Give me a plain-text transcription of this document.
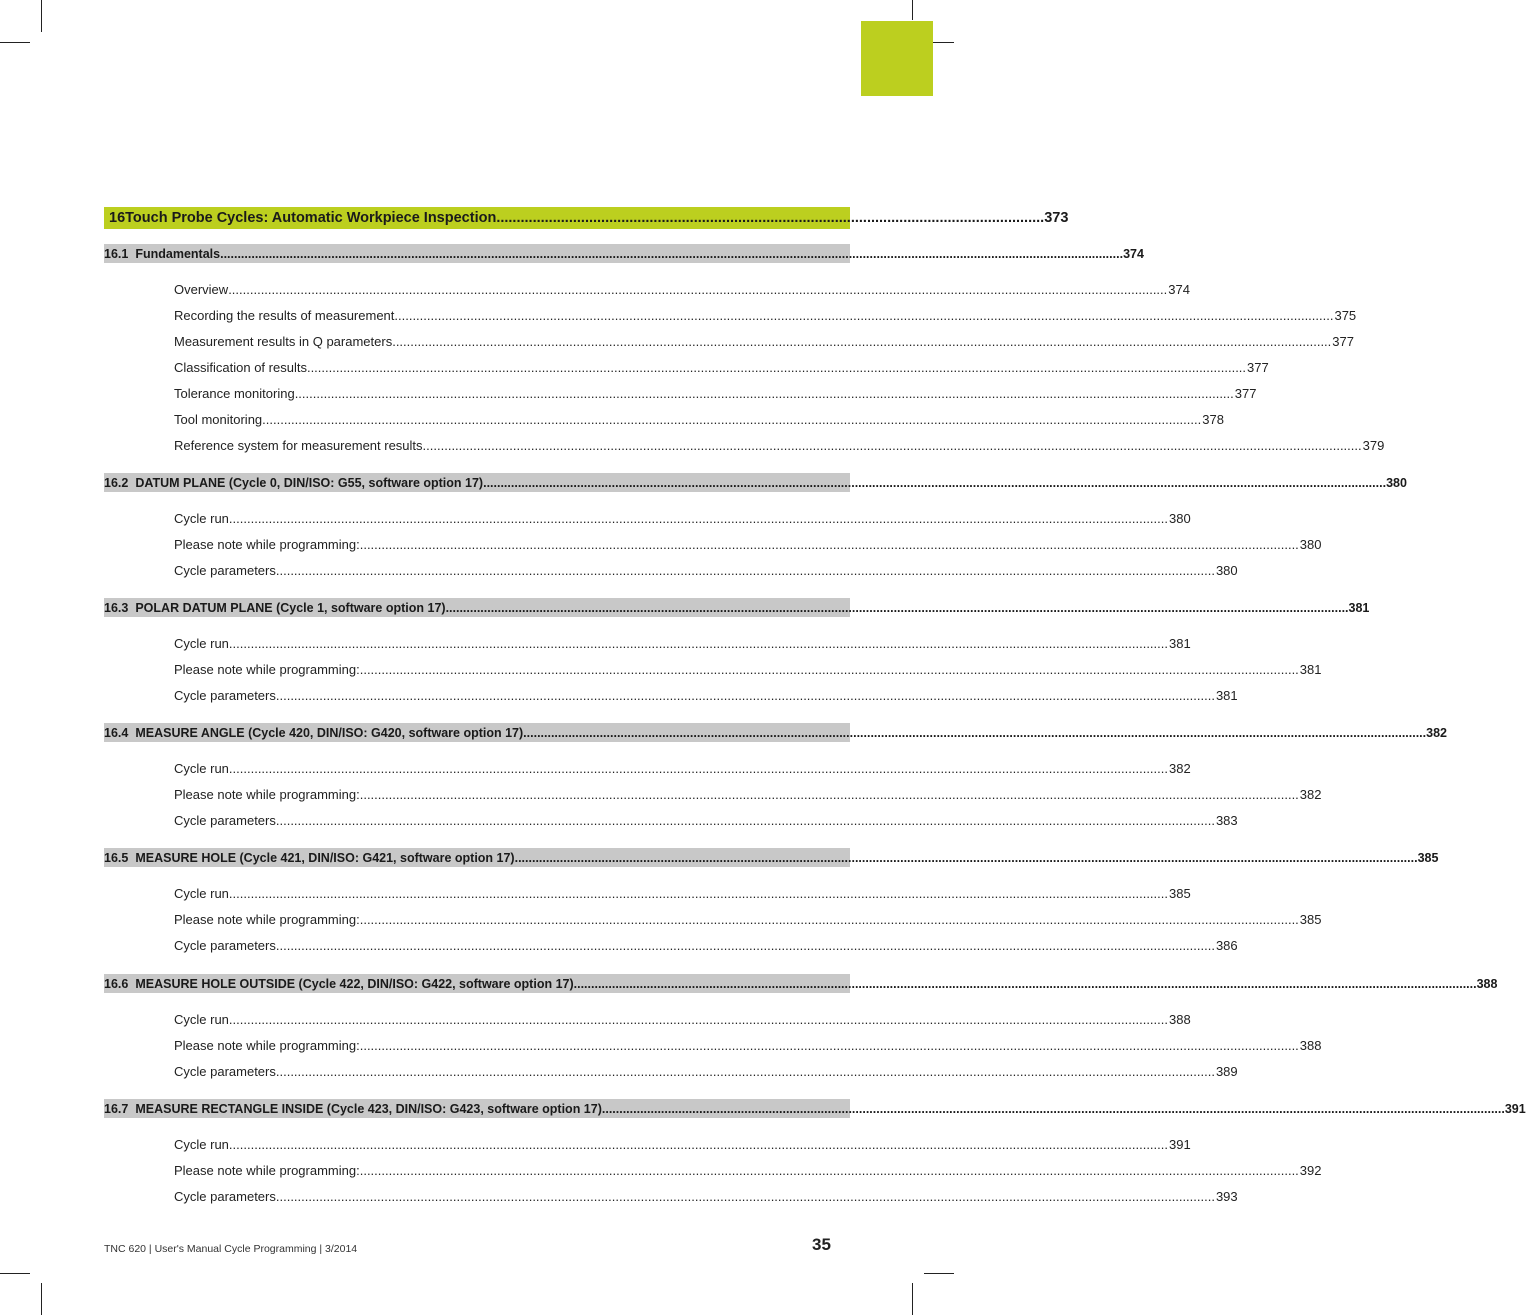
16 Touch Probe Cycles: Automatic Workpiece Inspection ........................................................................................................................................ 373
16.1 Fundamentals .................................................................................................................................................................................................................................................................... 374
Overview .................................................................................................................................................................................................................................................................... 374
Recording the results of measurement .................................................................................................................................................................................................................................................................... 375
Measurement results in Q parameters .................................................................................................................................................................................................................................................................... 377
Classification of results .................................................................................................................................................................................................................................................................... 377
Tolerance monitoring .................................................................................................................................................................................................................................................................... 377
Tool monitoring .................................................................................................................................................................................................................................................................... 378
Reference system for measurement results .................................................................................................................................................................................................................................................................... 379
16.2 DATUM PLANE (Cycle 0, DIN/ISO: G55, software option 17) .................................................................................................................................................................................................................................................................... 380
Cycle run .................................................................................................................................................................................................................................................................... 380
Please note while programming: .................................................................................................................................................................................................................................................................... 380
Cycle parameters .................................................................................................................................................................................................................................................................... 380
16.3 POLAR DATUM PLANE (Cycle 1, software option 17) .................................................................................................................................................................................................................................................................... 381
Cycle run .................................................................................................................................................................................................................................................................... 381
Please note while programming: .................................................................................................................................................................................................................................................................... 381
Cycle parameters .................................................................................................................................................................................................................................................................... 381
16.4 MEASURE ANGLE (Cycle 420, DIN/ISO: G420, software option 17) .................................................................................................................................................................................................................................................................... 382
Cycle run .................................................................................................................................................................................................................................................................... 382
Please note while programming: .................................................................................................................................................................................................................................................................... 382
Cycle parameters .................................................................................................................................................................................................................................................................... 383
16.5 MEASURE HOLE (Cycle 421, DIN/ISO: G421, software option 17) .................................................................................................................................................................................................................................................................... 385
Cycle run .................................................................................................................................................................................................................................................................... 385
Please note while programming: .................................................................................................................................................................................................................................................................... 385
Cycle parameters .................................................................................................................................................................................................................................................................... 386
16.6 MEASURE HOLE OUTSIDE (Cycle 422, DIN/ISO: G422, software option 17) .................................................................................................................................................................................................................................................................... 388
Cycle run .................................................................................................................................................................................................................................................................... 388
Please note while programming: .................................................................................................................................................................................................................................................................... 388
Cycle parameters .................................................................................................................................................................................................................................................................... 389
16.7 MEASURE RECTANGLE INSIDE (Cycle 423, DIN/ISO: G423, software option 17) .................................................................................................................................................................................................................................................................... 391
Cycle run .................................................................................................................................................................................................................................................................... 391
Please note while programming: .................................................................................................................................................................................................................................................................... 392
Cycle parameters .................................................................................................................................................................................................................................................................... 393
TNC 620 | User's Manual Cycle Programming | 3/2014	35
